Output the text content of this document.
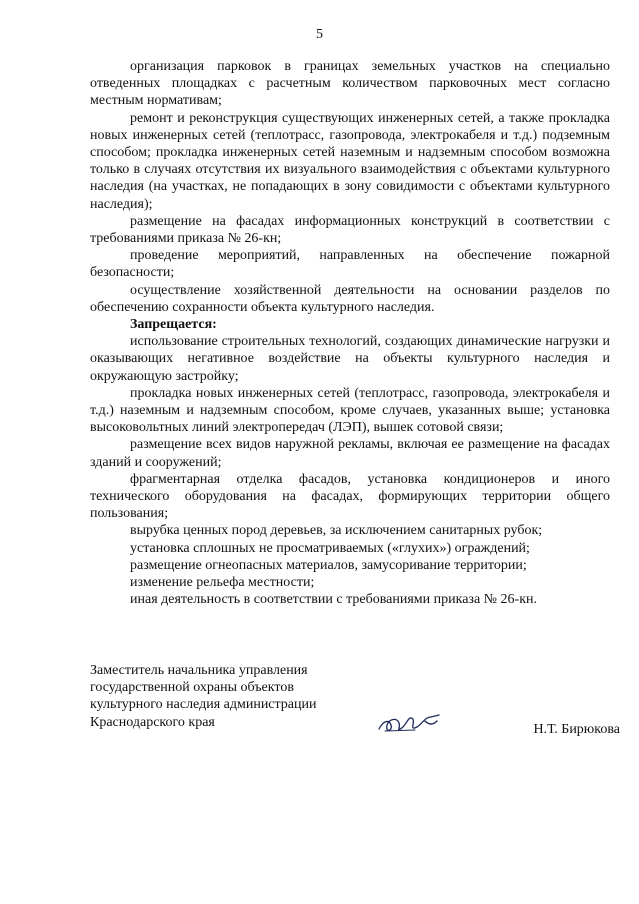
5

организация парковок в границах земельных участков на специально отведенных площадках с расчетным количеством парковочных мест согласно местным нормативам;

ремонт и реконструкция существующих инженерных сетей, а также прокладка новых инженерных сетей (теплотрасс, газопровода, электрокабеля и т.д.) подземным способом; прокладка инженерных сетей наземным и надземным способом возможна только в случаях отсутствия их визуального взаимодействия с объектами культурного наследия (на участках, не попадающих в зону совидимости с объектами культурного наследия);

размещение на фасадах информационных конструкций в соответствии с требованиями приказа № 26-кн;

проведение мероприятий, направленных на обеспечение пожарной безопасности;

осуществление хозяйственной деятельности на основании разделов по обеспечению сохранности объекта культурного наследия.

Запрещается:

использование строительных технологий, создающих динамические нагрузки и оказывающих негативное воздействие на объекты культурного наследия и окружающую застройку;

прокладка новых инженерных сетей (теплотрасс, газопровода, электрокабеля и т.д.) наземным и надземным способом, кроме случаев, указанных выше; установка высоковольтных линий электропередач (ЛЭП), вышек сотовой связи;

размещение всех видов наружной рекламы, включая ее размещение на фасадах зданий и сооружений;

фрагментарная отделка фасадов, установка кондиционеров и иного технического оборудования на фасадах, формирующих территории общего пользования;

вырубка ценных пород деревьев, за исключением санитарных рубок;

установка сплошных не просматриваемых («глухих») ограждений;

размещение огнеопасных материалов, замусоривание территории;

изменение рельефа местности;

иная деятельность в соответствии с требованиями приказа № 26-кн.

Заместитель начальника управления
государственной охраны объектов
культурного наследия администрации
Краснодарского края	Н.Т. Бирюкова
